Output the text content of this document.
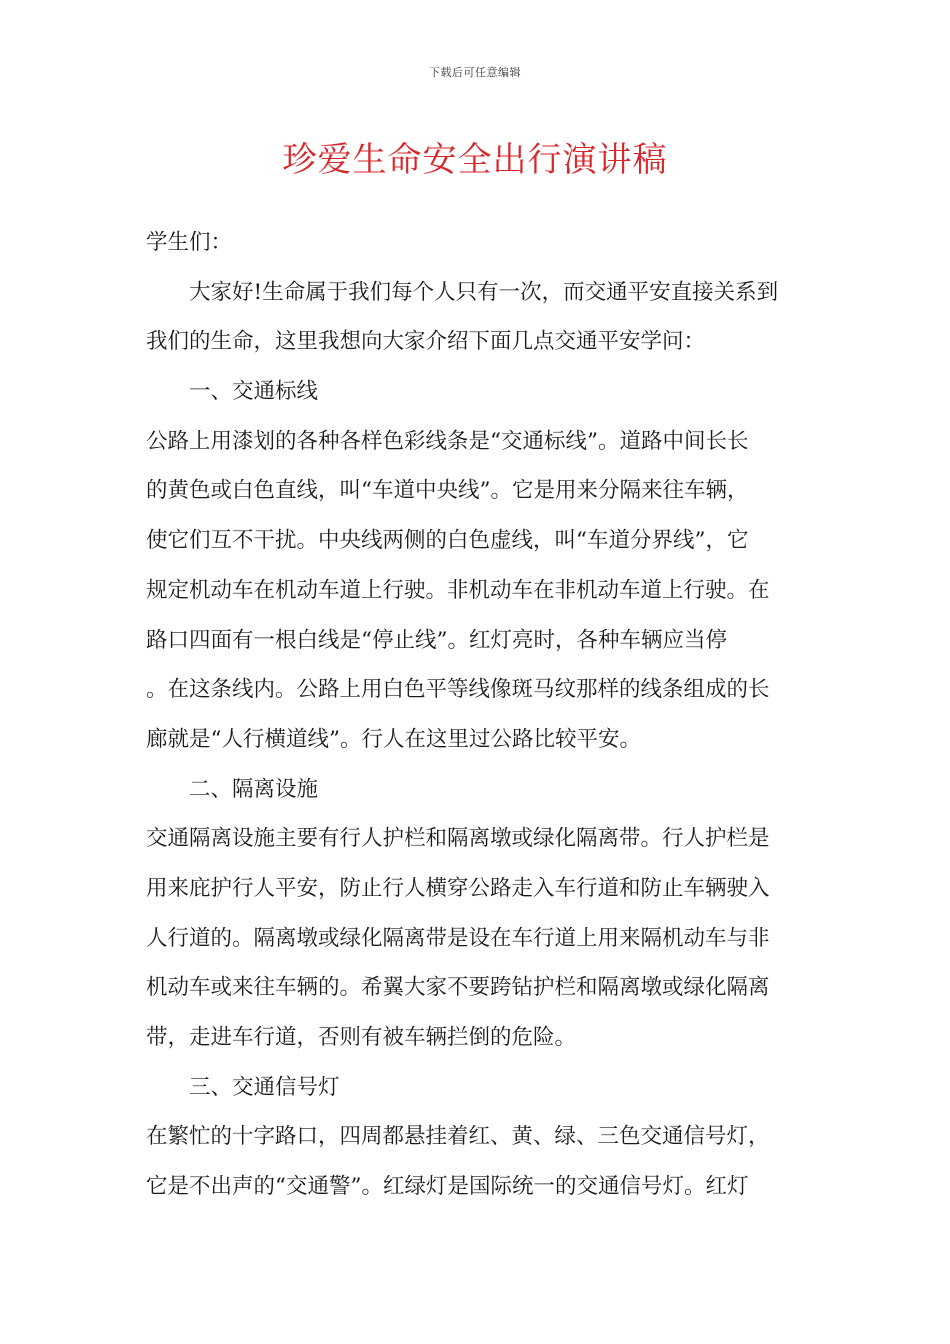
下载后可任意编辑
珍爱生命安全出行演讲稿
学生们：
大家好!生命属于我们每个人只有一次，而交通平安直接关系到
我们的生命，这里我想向大家介绍下面几点交通平安学问：
一、交通标线
公路上用漆划的各种各样色彩线条是“交通标线”。道路中间长长
的黄色或白色直线，叫“车道中央线”。它是用来分隔来往车辆，
使它们互不干扰。中央线两侧的白色虚线，叫“车道分界线”，它
规定机动车在机动车道上行驶。非机动车在非机动车道上行驶。在
路口四面有一根白线是“停止线”。红灯亮时，各种车辆应当停
。在这条线内。公路上用白色平等线像斑马纹那样的线条组成的长
廊就是“人行横道线”。行人在这里过公路比较平安。
二、隔离设施
交通隔离设施主要有行人护栏和隔离墩或绿化隔离带。行人护栏是
用来庇护行人平安，防止行人横穿公路走入车行道和防止车辆驶入
人行道的。隔离墩或绿化隔离带是设在车行道上用来隔机动车与非
机动车或来往车辆的。希翼大家不要跨钻护栏和隔离墩或绿化隔离
带，走进车行道，否则有被车辆拦倒的危险。
三、交通信号灯
在繁忙的十字路口，四周都悬挂着红、黄、绿、三色交通信号灯，
它是不出声的“交通警”。红绿灯是国际统一的交通信号灯。红灯
